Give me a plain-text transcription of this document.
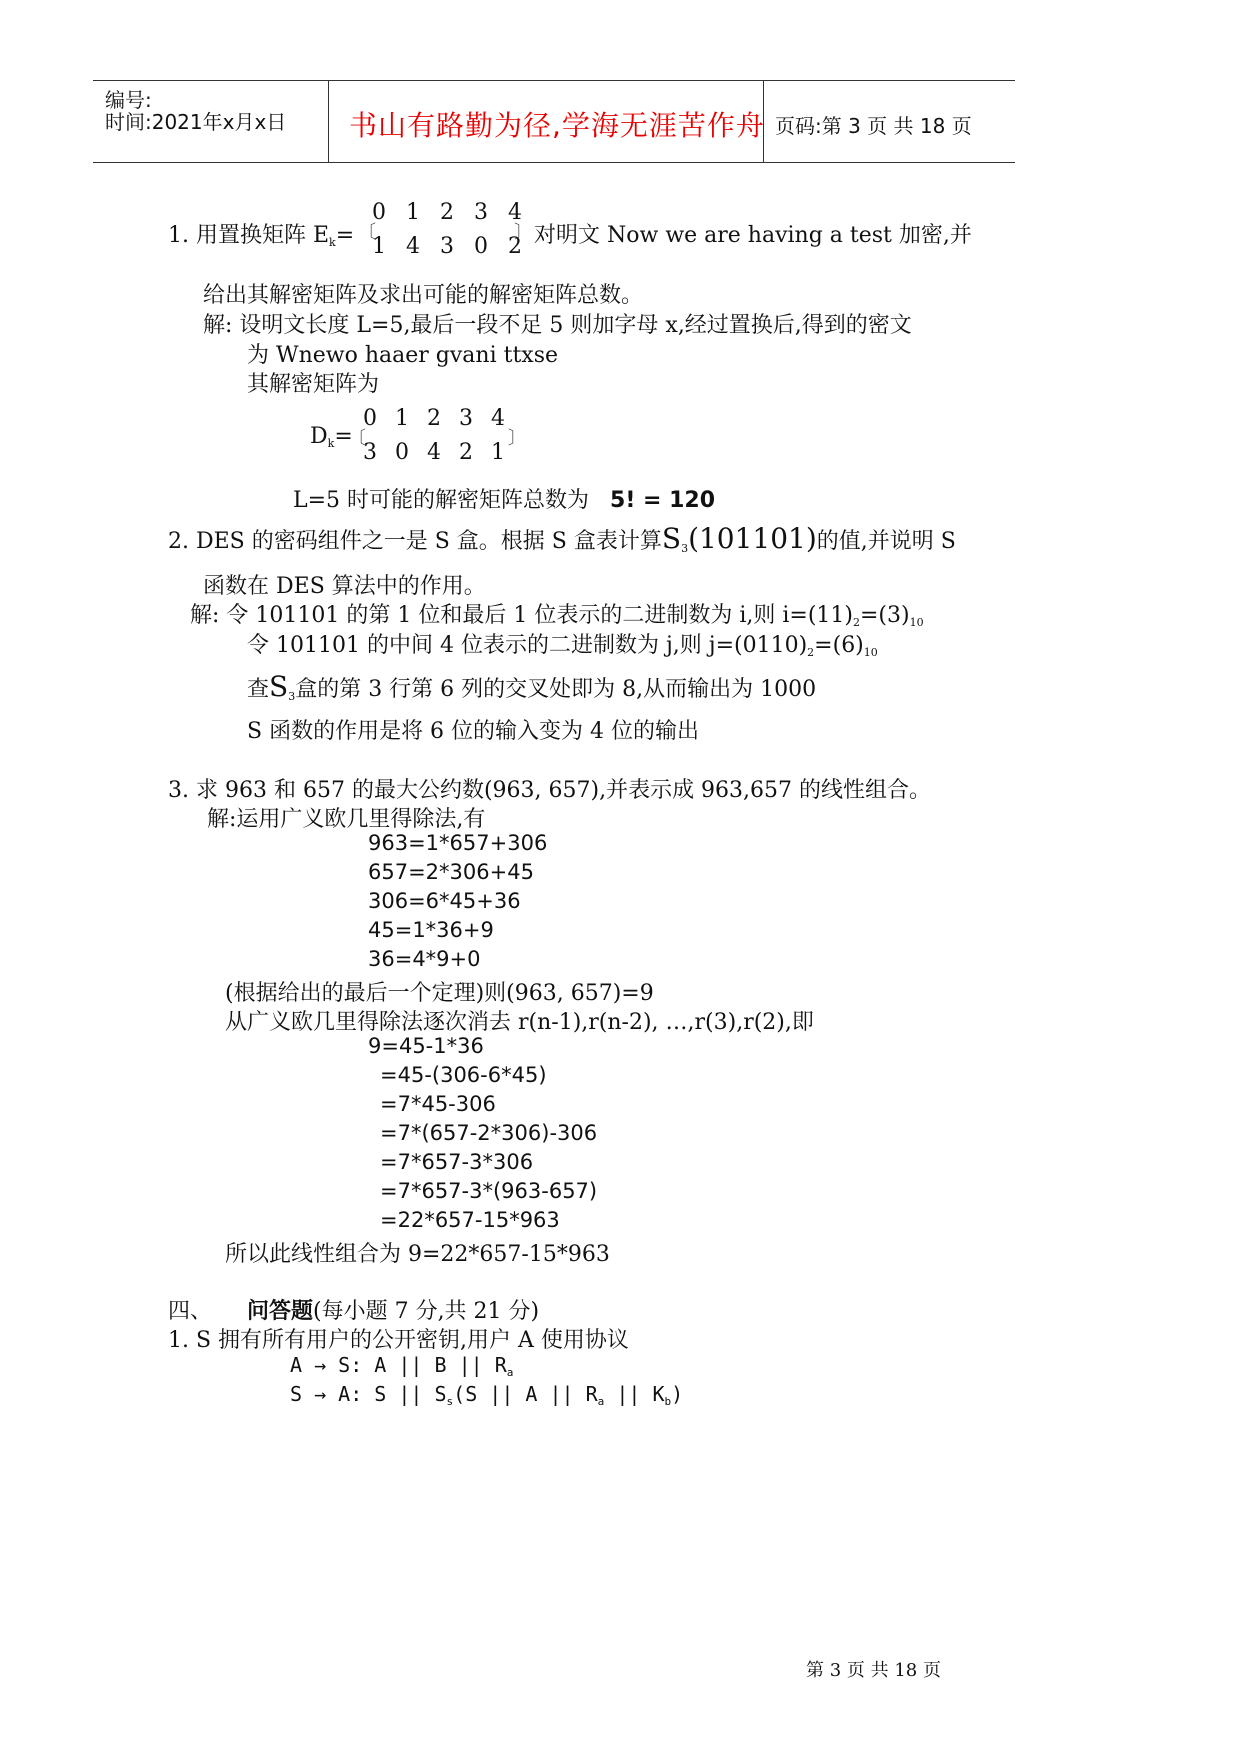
编号:
时间:2021年x月x日 书山有路勤为径,学海无涯苦作舟 页码:第 3 页 共 18 页
1. 用置换矩阵 $E_k=$ 〔
0 1 2 3 4
1 4 3 0 2
〕 对明文 Now we are having a test 加密,并
给出其解密矩阵及求出可能的解密矩阵总数。
解: 设明文长度 L=5,最后一段不足 5 则加字母 x,经过置换后,得到的密文
为 Wnewo haaer gvani ttxse
其解密矩阵为
$D_k=$
〔
0 1 2 3 4
3 0 4 2 1
〕
L=5 时可能的解密矩阵总数为 5! = 120
2. DES 的密码组件之一是 S 盒。根据 S 盒表计算$S_3(101101)$的值,并说明 S
函数在 DES 算法中的作用。
解: 令 101101 的第 1 位和最后 1 位表示的二进制数为 i,则 $i=(11)_2=(3)_{10}$
令 101101 的中间 4 位表示的二进制数为 j,则 $j=(0110)_2=(6)_{10}$
查$S_3$盒的第 3 行第 6 列的交叉处即为 8,从而输出为 1000
S 函数的作用是将 6 位的输入变为 4 位的输出
3. 求 963 和 657 的最大公约数(963, 657),并表示成 963,657 的线性组合。
解:运用广义欧几里得除法,有
963=1*657+306
657=2*306+45
306=6*45+36
45=1*36+9
36=4*9+0
(根据给出的最后一个定理)则(963, 657)=9
从广义欧几里得除法逐次消去 r(n-1),r(n-2), …,r(3),r(2),即
9=45-1*36
=45-(306-6*45)
=7*45-306
=7*(657-2*306)-306
=7*657-3*306
=7*657-3*(963-657)
=22*657-15*963
所以此线性组合为 9=22*657-15*963
四、 问答题(每小题 7 分,共 21 分)
1. S 拥有所有用户的公开密钥,用户 A 使用协议
A → S: A || B || $R_a$
S → A: S || $S_s(S$ || A || $R_a$ || $K_b$)
第 3 页 共 18 页
